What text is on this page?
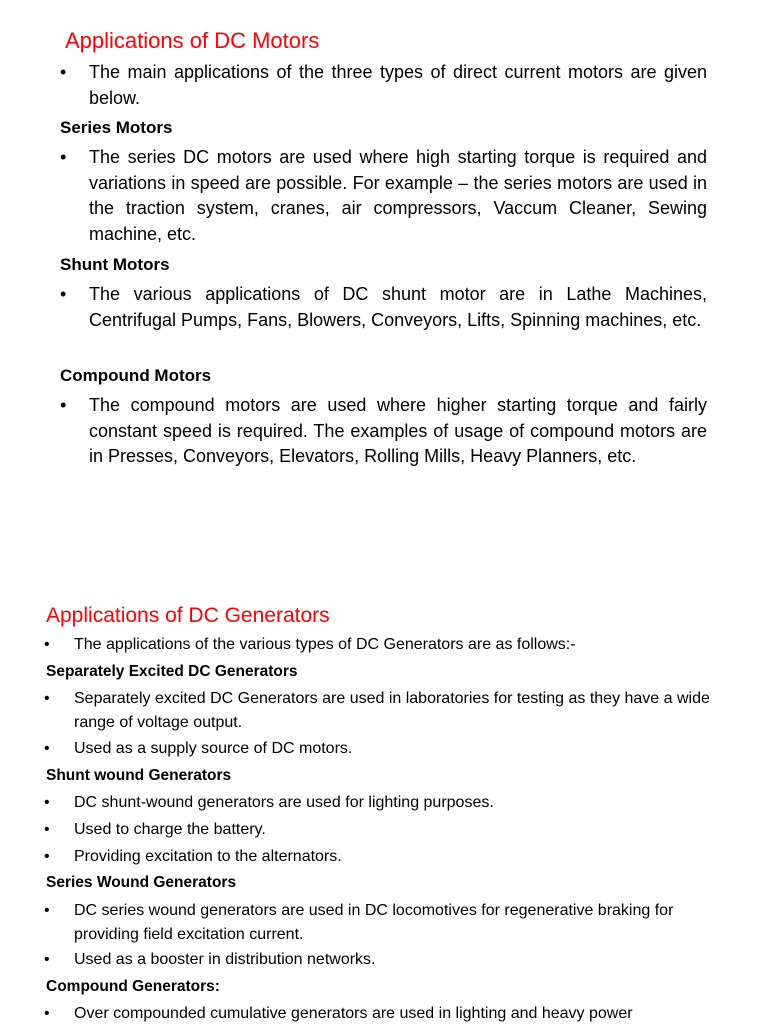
Applications of DC Motors

• The main applications of the three types of direct current motors are given below.

Series Motors

• The series DC motors are used where high starting torque is required and variations in speed are possible. For example – the series motors are used in the traction system, cranes, air compressors, Vaccum Cleaner, Sewing machine, etc.

Shunt Motors

• The various applications of DC shunt motor are in Lathe Machines, Centrifugal Pumps, Fans, Blowers, Conveyors, Lifts, Spinning machines, etc.

Compound Motors

• The compound motors are used where higher starting torque and fairly constant speed is required. The examples of usage of compound motors are in Presses, Conveyors, Elevators, Rolling Mills, Heavy Planners, etc.

Applications of DC Generators

• The applications of the various types of DC Generators are as follows:-

Separately Excited DC Generators

• Separately excited DC Generators are used in laboratories for testing as they have a wide range of voltage output.

• Used as a supply source of DC motors.

Shunt wound Generators

• DC shunt-wound generators are used for lighting purposes.

• Used to charge the battery.

• Providing excitation to the alternators.

Series Wound Generators

• DC series wound generators are used in DC locomotives for regenerative braking for providing field excitation current.

• Used as a booster in distribution networks.

Compound Generators:

• Over compounded cumulative generators are used in lighting and heavy power
